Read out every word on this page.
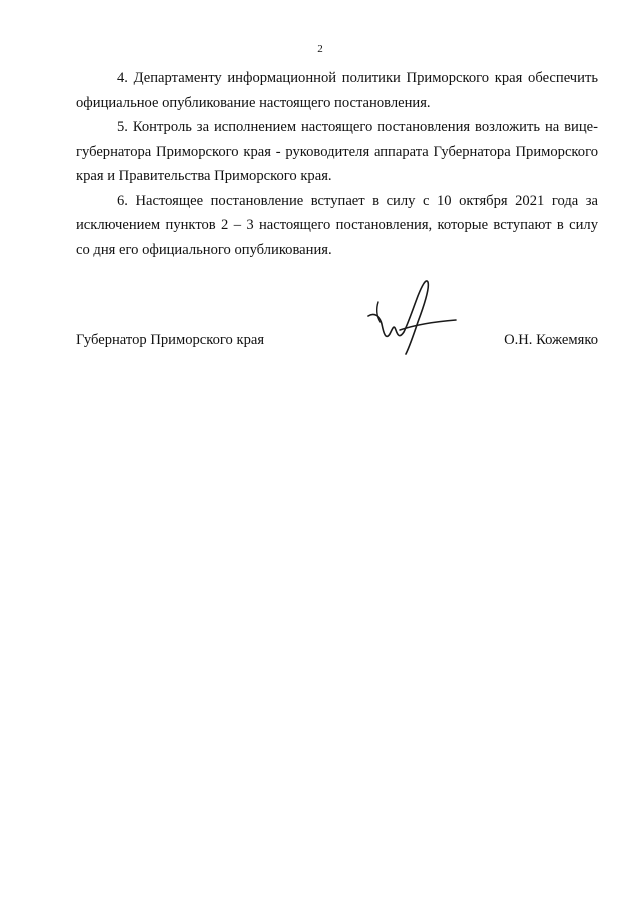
2

4. Департаменту информационной политики Приморского края обеспечить официальное опубликование настоящего постановления.

5. Контроль за исполнением настоящего постановления возложить на вице-губернатора Приморского края - руководителя аппарата Губернатора Приморского края и Правительства Приморского края.

6. Настоящее постановление вступает в силу с 10 октября 2021 года за исключением пунктов 2 – 3 настоящего постановления, которые вступают в силу со дня его официального опубликования.

Губернатор Приморского края	О.Н. Кожемяко
